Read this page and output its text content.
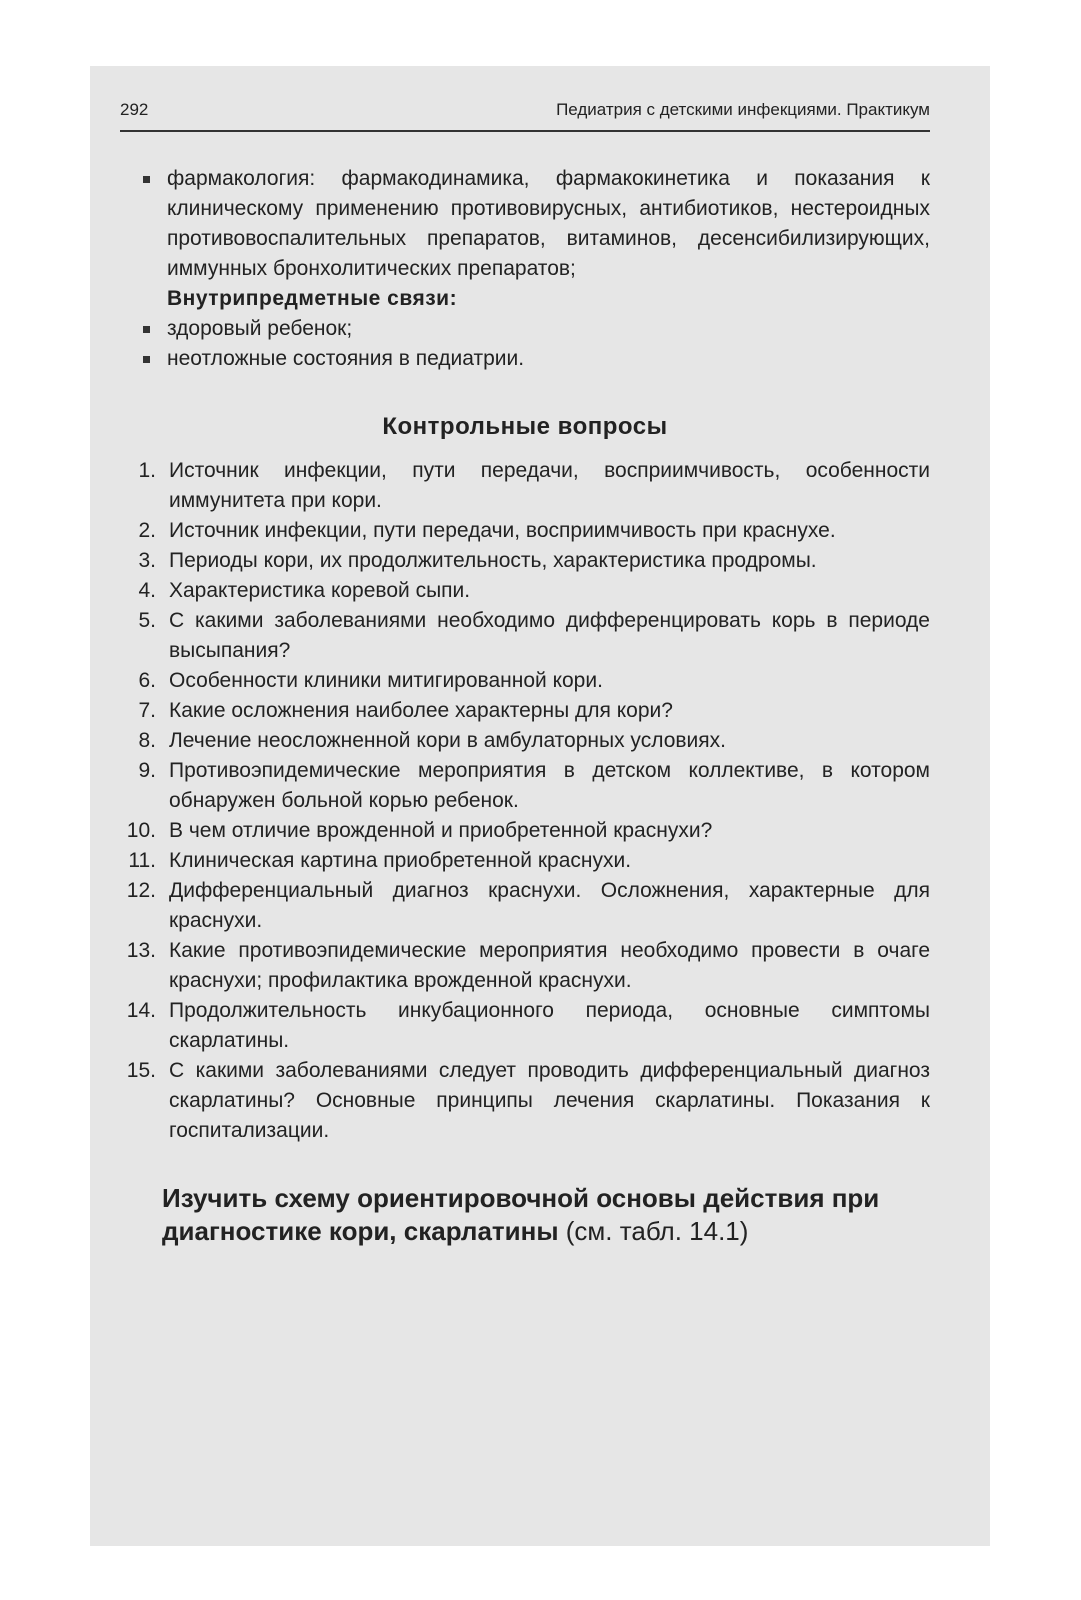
292	Педиатрия с детскими инфекциями. Практикум
фармакология: фармакодинамика, фармакокинетика и показания к клиническому применению противовирусных, антибиотиков, нестероидных противовоспалительных препаратов, витаминов, десенсибилизирующих, иммунных бронхолитических препаратов;
Внутрипредметные связи:
здоровый ребенок;
неотложные состояния в педиатрии.
Контрольные вопросы
1. Источник инфекции, пути передачи, восприимчивость, особенности иммунитета при кори.
2. Источник инфекции, пути передачи, восприимчивость при краснухе.
3. Периоды кори, их продолжительность, характеристика продромы.
4. Характеристика коревой сыпи.
5. С какими заболеваниями необходимо дифференцировать корь в периоде высыпания?
6. Особенности клиники митигированной кори.
7. Какие осложнения наиболее характерны для кори?
8. Лечение неосложненной кори в амбулаторных условиях.
9. Противоэпидемические мероприятия в детском коллективе, в котором обнаружен больной корью ребенок.
10. В чем отличие врожденной и приобретенной краснухи?
11. Клиническая картина приобретенной краснухи.
12. Дифференциальный диагноз краснухи. Осложнения, характерные для краснухи.
13. Какие противоэпидемические мероприятия необходимо провести в очаге краснухи; профилактика врожденной краснухи.
14. Продолжительность инкубационного периода, основные симптомы скарлатины.
15. С какими заболеваниями следует проводить дифференциальный диагноз скарлатины? Основные принципы лечения скарлатины. Показания к госпитализации.
Изучить схему ориентировочной основы действия при диагностике кори, скарлатины (см. табл. 14.1)
